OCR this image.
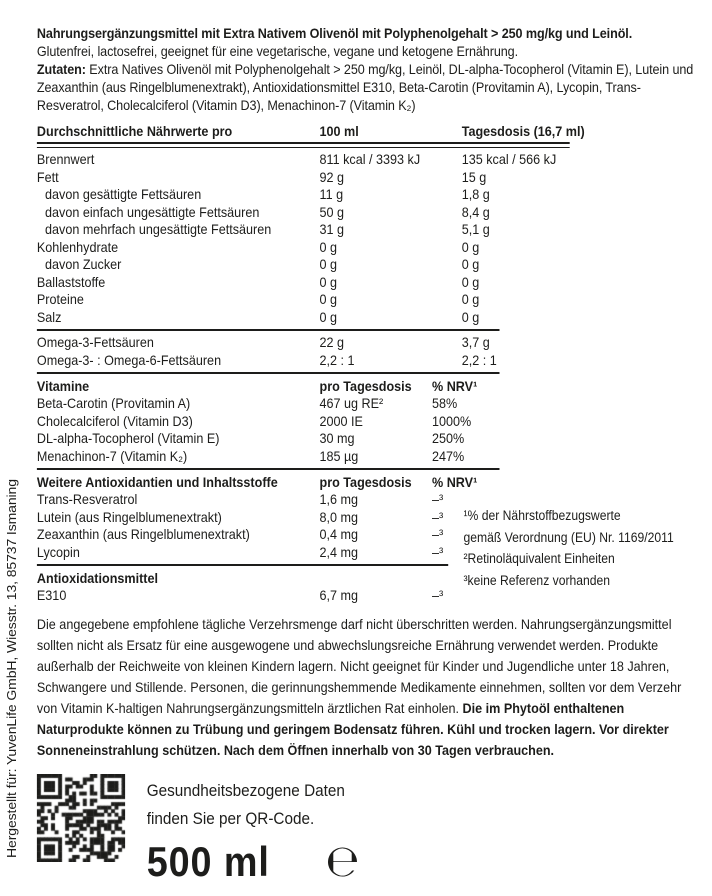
Hergestellt für: YuvenLife GmbH, Wiesstr. 13, 85737 Ismaning

Nahrungsergänzungsmittel mit Extra Nativem Olivenöl mit Polyphenolgehalt > 250 mg/kg und Leinöl.

Glutenfrei, lactosefrei, geeignet für eine vegetarische, vegane und ketogene Ernährung.

Zutaten: Extra Natives Olivenöl mit Polyphenolgehalt > 250 mg/kg, Leinöl, DL-alpha-Tocopherol (Vitamin E), Lutein und Zeaxanthin (aus Ringelblumenextrakt), Antioxidationsmittel E310, Beta-Carotin (Provitamin A), Lycopin, Trans-Resveratrol, Cholecalciferol (Vitamin D3), Menachinon-7 (Vitamin K₂)

Durchschnittliche Nährwerte pro	100 ml	Tagesdosis (16,7 ml)
Brennwert	811 kcal / 3393 kJ	135 kcal / 566 kJ
Fett	92 g	15 g
davon gesättigte Fettsäuren	11 g	1,8 g
davon einfach ungesättigte Fettsäuren	50 g	8,4 g
davon mehrfach ungesättigte Fettsäuren	31 g	5,1 g
Kohlenhydrate	0 g	0 g
davon Zucker	0 g	0 g
Ballaststoffe	0 g	0 g
Proteine	0 g	0 g
Salz	0 g	0 g
Omega-3-Fettsäuren	22 g	3,7 g
Omega-3- : Omega-6-Fettsäuren	2,2 : 1	2,2 : 1
Vitamine	pro Tagesdosis	% NRV¹
Beta-Carotin (Provitamin A)	467 ug RE²	58%
Cholecalciferol (Vitamin D3)	2000 IE	1000%
DL-alpha-Tocopherol (Vitamin E)	30 mg	250%
Menachinon-7 (Vitamin K₂)	185 µg	247%
Weitere Antioxidantien und Inhaltsstoffe	pro Tagesdosis	% NRV¹
Trans-Resveratrol	1,6 mg	–³
Lutein (aus Ringelblumenextrakt)	8,0 mg	–³
Zeaxanthin (aus Ringelblumenextrakt)	0,4 mg	–³
Lycopin	2,4 mg	–³
¹% der Nährstoffbezugswerte
gemäß Verordnung (EU) Nr. 1169/2011
²Retinoläquivalent Einheiten
³keine Referenz vorhanden
Antioxidationsmittel
E310	6,7 mg	–³

Die angegebene empfohlene tägliche Verzehrsmenge darf nicht überschritten werden. Nahrungsergänzungsmittel sollten nicht als Ersatz für eine ausgewogene und abwechslungsreiche Ernährung verwendet werden. Produkte außerhalb der Reichweite von kleinen Kindern lagern. Nicht geeignet für Kinder und Jugendliche unter 18 Jahren, Schwangere und Stillende. Personen, die gerinnungshemmende Medikamente einnehmen, sollten vor dem Verzehr von Vitamin K-haltigen Nahrungsergänzungsmitteln ärztlichen Rat einholen. Die im Phytoöl enthaltenen Naturprodukte können zu Trübung und geringem Bodensatz führen. Kühl und trocken lagern. Vor direkter Sonneneinstrahlung schützen. Nach dem Öffnen innerhalb von 30 Tagen verbrauchen.

Gesundheitsbezogene Daten
finden Sie per QR-Code.
500 ml ℮
